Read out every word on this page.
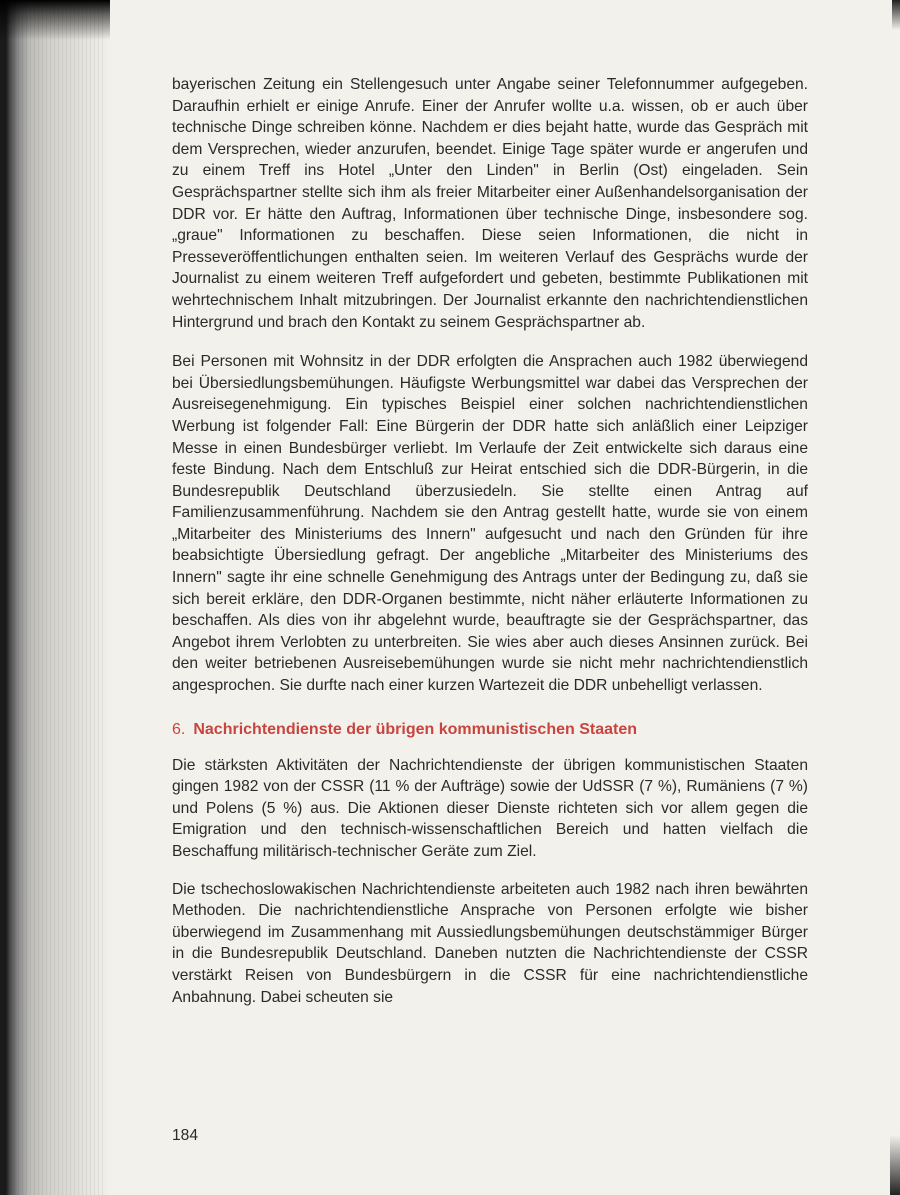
bayerischen Zeitung ein Stellengesuch unter Angabe seiner Telefonnummer aufgegeben. Daraufhin erhielt er einige Anrufe. Einer der Anrufer wollte u.a. wissen, ob er auch über technische Dinge schreiben könne. Nachdem er dies bejaht hatte, wurde das Gespräch mit dem Versprechen, wieder anzurufen, beendet. Einige Tage später wurde er angerufen und zu einem Treff ins Hotel „Unter den Linden" in Berlin (Ost) eingeladen. Sein Gesprächspartner stellte sich ihm als freier Mitarbeiter einer Außenhandelsorganisation der DDR vor. Er hätte den Auftrag, Informationen über technische Dinge, insbesondere sog. „graue" Informationen zu beschaffen. Diese seien Informationen, die nicht in Presseveröffentlichungen enthalten seien. Im weiteren Verlauf des Gesprächs wurde der Journalist zu einem weiteren Treff aufgefordert und gebeten, bestimmte Publikationen mit wehrtechnischem Inhalt mitzubringen. Der Journalist erkannte den nachrichtendienstlichen Hintergrund und brach den Kontakt zu seinem Gesprächspartner ab.

Bei Personen mit Wohnsitz in der DDR erfolgten die Ansprachen auch 1982 überwiegend bei Übersiedlungsbemühungen. Häufigste Werbungsmittel war dabei das Versprechen der Ausreisegenehmigung. Ein typisches Beispiel einer solchen nachrichtendienstlichen Werbung ist folgender Fall: Eine Bürgerin der DDR hatte sich anläßlich einer Leipziger Messe in einen Bundesbürger verliebt. Im Verlaufe der Zeit entwickelte sich daraus eine feste Bindung. Nach dem Entschluß zur Heirat entschied sich die DDR-Bürgerin, in die Bundesrepublik Deutschland überzusiedeln. Sie stellte einen Antrag auf Familienzusammenführung. Nachdem sie den Antrag gestellt hatte, wurde sie von einem „Mitarbeiter des Ministeriums des Innern" aufgesucht und nach den Gründen für ihre beabsichtigte Übersiedlung gefragt. Der angebliche „Mitarbeiter des Ministeriums des Innern" sagte ihr eine schnelle Genehmigung des Antrags unter der Bedingung zu, daß sie sich bereit erkläre, den DDR-Organen bestimmte, nicht näher erläuterte Informationen zu beschaffen. Als dies von ihr abgelehnt wurde, beauftragte sie der Gesprächspartner, das Angebot ihrem Verlobten zu unterbreiten. Sie wies aber auch dieses Ansinnen zurück. Bei den weiter betriebenen Ausreisebemühungen wurde sie nicht mehr nachrichtendienstlich angesprochen. Sie durfte nach einer kurzen Wartezeit die DDR unbehelligt verlassen.

6. Nachrichtendienste der übrigen kommunistischen Staaten

Die stärksten Aktivitäten der Nachrichtendienste der übrigen kommunistischen Staaten gingen 1982 von der CSSR (11 % der Aufträge) sowie der UdSSR (7 %), Rumäniens (7 %) und Polens (5 %) aus. Die Aktionen dieser Dienste richteten sich vor allem gegen die Emigration und den technisch-wissenschaftlichen Bereich und hatten vielfach die Beschaffung militärisch-technischer Geräte zum Ziel.

Die tschechoslowakischen Nachrichtendienste arbeiteten auch 1982 nach ihren bewährten Methoden. Die nachrichtendienstliche Ansprache von Personen erfolgte wie bisher überwiegend im Zusammenhang mit Aussiedlungsbemühungen deutschstämmiger Bürger in die Bundesrepublik Deutschland. Daneben nutzten die Nachrichtendienste der CSSR verstärkt Reisen von Bundesbürgern in die CSSR für eine nachrichtendienstliche Anbahnung. Dabei scheuten sie

184
